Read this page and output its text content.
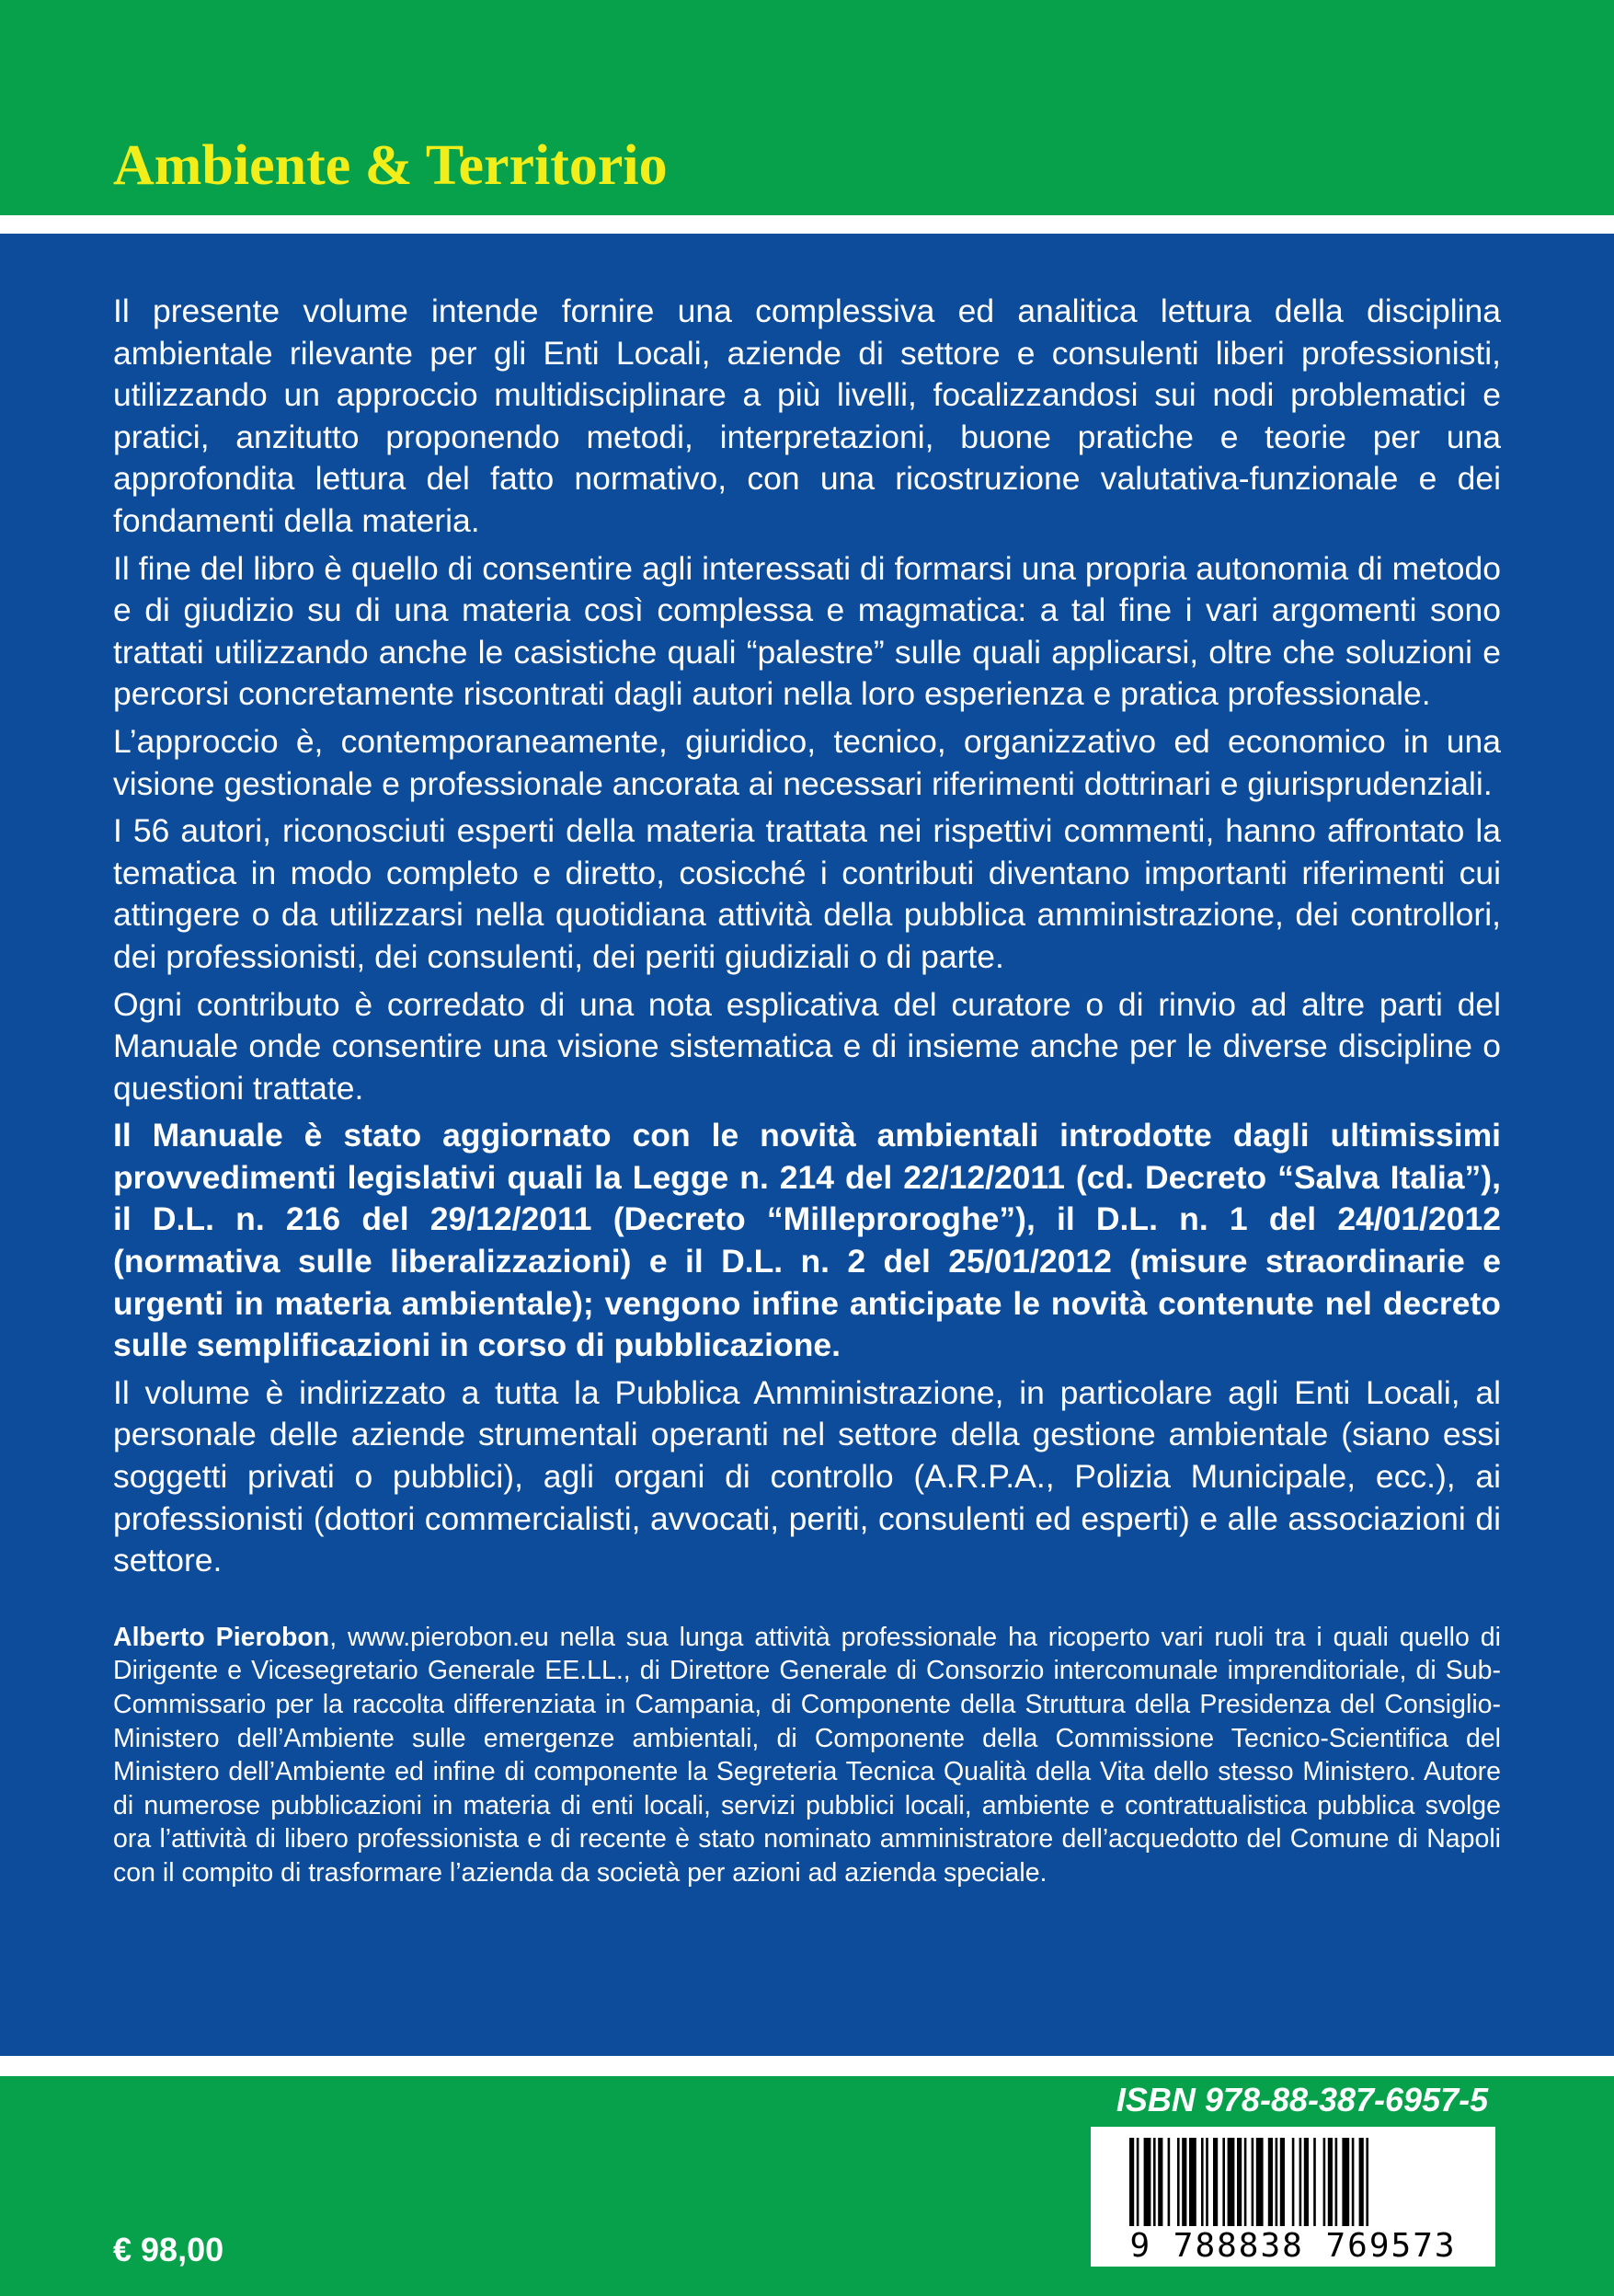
Ambiente & Territorio

Il presente volume intende fornire una complessiva ed analitica lettura della disciplina ambientale rilevante per gli Enti Locali, aziende di settore e consulenti liberi professionisti, utilizzando un approccio multidisciplinare a più livelli, focalizzandosi sui nodi problematici e pratici, anzitutto proponendo metodi, interpretazioni, buone pratiche e teorie per una approfondita lettura del fatto normativo, con una ricostruzione valutativa-funzionale e dei fondamenti della materia.

Il fine del libro è quello di consentire agli interessati di formarsi una propria autonomia di metodo e di giudizio su di una materia così complessa e magmatica: a tal fine i vari argomenti sono trattati utilizzando anche le casistiche quali “palestre” sulle quali applicarsi, oltre che soluzioni e percorsi concretamente riscontrati dagli autori nella loro esperienza e pratica professionale.

L’approccio è, contemporaneamente, giuridico, tecnico, organizzativo ed economico in una visione gestionale e professionale ancorata ai necessari riferimenti dottrinari e giurisprudenziali.

I 56 autori, riconosciuti esperti della materia trattata nei rispettivi commenti, hanno affrontato la tematica in modo completo e diretto, cosicché i contributi diventano importanti riferimenti cui attingere o da utilizzarsi nella quotidiana attività della pubblica amministrazione, dei controllori, dei professionisti, dei consulenti, dei periti giudiziali o di parte.

Ogni contributo è corredato di una nota esplicativa del curatore o di rinvio ad altre parti del Manuale onde consentire una visione sistematica e di insieme anche per le diverse discipline o questioni trattate.

Il Manuale è stato aggiornato con le novità ambientali introdotte dagli ultimissimi provvedimenti legislativi quali la Legge n. 214 del 22/12/2011 (cd. Decreto “Salva Italia”), il D.L. n. 216 del 29/12/2011 (Decreto “Milleproroghe”), il D.L. n. 1 del 24/01/2012 (normativa sulle liberalizzazioni) e il D.L. n. 2 del 25/01/2012 (misure straordinarie e urgenti in materia ambientale); vengono infine anticipate le novità contenute nel decreto sulle semplificazioni in corso di pubblicazione.

Il volume è indirizzato a tutta la Pubblica Amministrazione, in particolare agli Enti Locali, al personale delle aziende strumentali operanti nel settore della gestione ambientale (siano essi soggetti privati o pubblici), agli organi di controllo (A.R.P.A., Polizia Municipale, ecc.), ai professionisti (dottori commercialisti, avvocati, periti, consulenti ed esperti) e alle associazioni di settore.

Alberto Pierobon, www.pierobon.eu nella sua lunga attività professionale ha ricoperto vari ruoli tra i quali quello di Dirigente e Vicesegretario Generale EE.LL., di Direttore Generale di Consorzio intercomunale imprenditoriale, di Sub-Commissario per la raccolta differenziata in Campania, di Componente della Struttura della Presidenza del Consiglio-Ministero dell’Ambiente sulle emergenze ambientali, di Componente della Commissione Tecnico-Scientifica del Ministero dell’Ambiente ed infine di componente la Segreteria Tecnica Qualità della Vita dello stesso Ministero. Autore di numerose pubblicazioni in materia di enti locali, servizi pubblici locali, ambiente e contrattualistica pubblica svolge ora l’attività di libero professionista e di recente è stato nominato amministratore dell’acquedotto del Comune di Napoli con il compito di trasformare l’azienda da società per azioni ad azienda speciale.

ISBN 978-88-387-6957-5
9 788838 769573
€ 98,00
